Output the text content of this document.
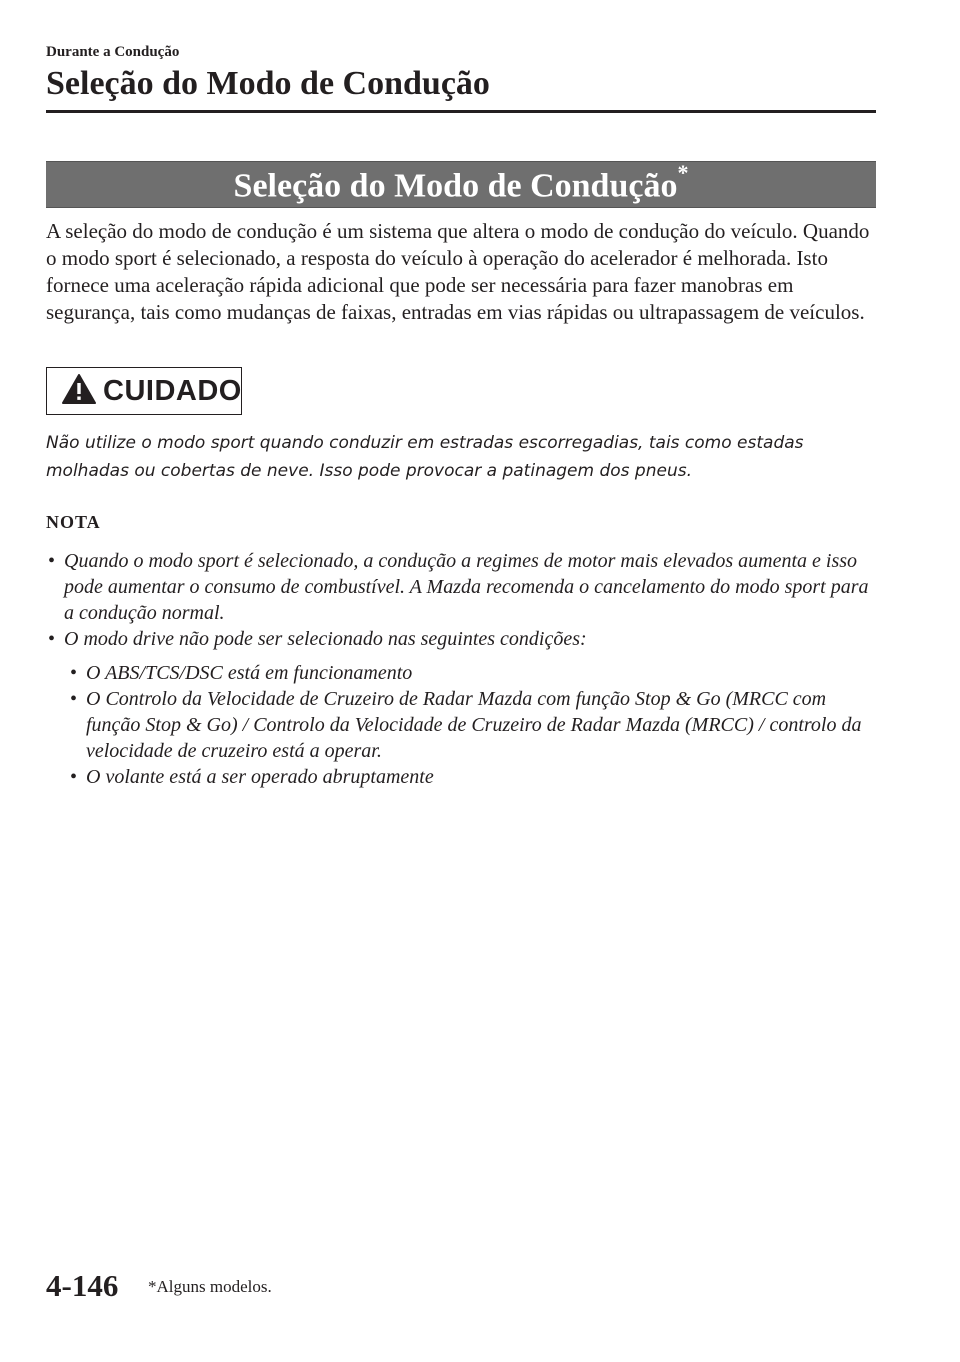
Durante a Condução
Seleção do Modo de Condução
Seleção do Modo de Condução*

A seleção do modo de condução é um sistema que altera o modo de condução do veículo. Quando o modo sport é selecionado, a resposta do veículo à operação do acelerador é melhorada. Isto fornece uma aceleração rápida adicional que pode ser necessária para fazer manobras em segurança, tais como mudanças de faixas, entradas em vias rápidas ou ultrapassagem de veículos.

CUIDADO

Não utilize o modo sport quando conduzir em estradas escorregadias, tais como estadas molhadas ou cobertas de neve. Isso pode provocar a patinagem dos pneus.

NOTA
• Quando o modo sport é selecionado, a condução a regimes de motor mais elevados aumenta e isso pode aumentar o consumo de combustível. A Mazda recomenda o cancelamento do modo sport para a condução normal.
• O modo drive não pode ser selecionado nas seguintes condições:
• O ABS/TCS/DSC está em funcionamento
• O Controlo da Velocidade de Cruzeiro de Radar Mazda com função Stop & Go (MRCC com função Stop & Go) / Controlo da Velocidade de Cruzeiro de Radar Mazda (MRCC) / controlo da velocidade de cruzeiro está a operar.
• O volante está a ser operado abruptamente
4-146 *Alguns modelos.
